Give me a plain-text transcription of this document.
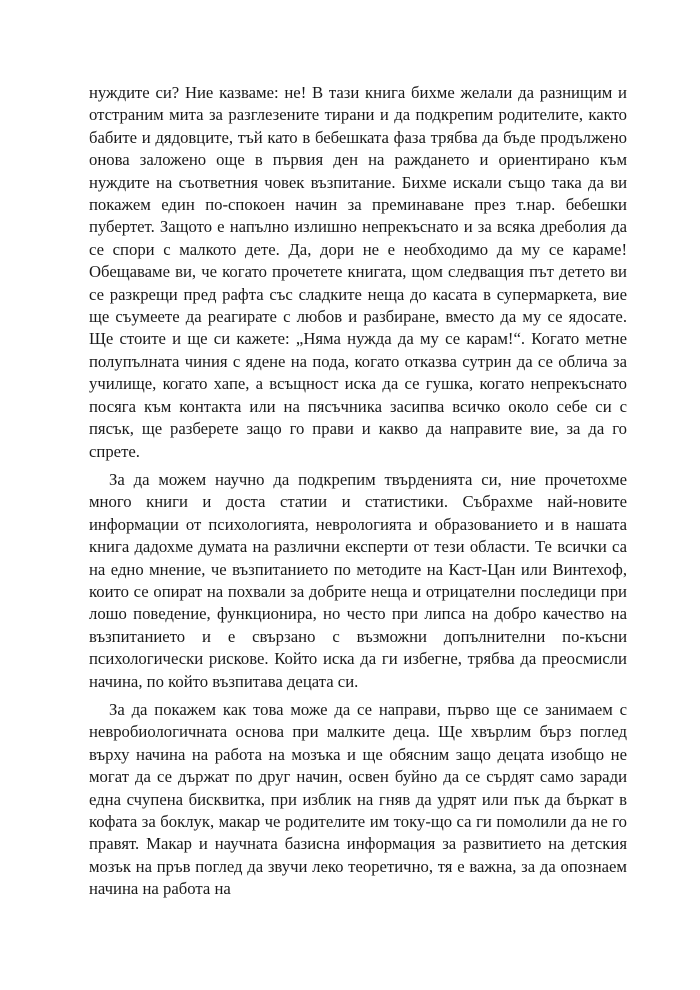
нуждите си? Ние казваме: не! В тази книга бихме желали да разнищим и отстраним мита за разглезените тирани и да подкрепим родителите, както бабите и дядовците, тъй като в бебешката фаза трябва да бъде продължено онова заложено още в първия ден на раждането и ориентирано към нуждите на съответния човек възпитание. Бихме искали също така да ви покажем един по-спокоен начин за преминаване през т.нар. бебешки пубертет. Защото е напълно излишно непрекъснато и за всяка дреболия да се спори с малкото дете. Да, дори не е необходимо да му се караме! Обещаваме ви, че когато прочетете книгата, щом следващия път детето ви се разкрещи пред рафта със сладките неща до касата в супермаркета, вие ще съумеете да реагирате с любов и разбиране, вместо да му се ядосате. Ще стоите и ще си кажете: „Няма нужда да му се карам!“. Когато метне полупълната чиния с ядене на пода, когато отказва сутрин да се облича за училище, когато хапе, а всъщност иска да се гушка, когато непрекъснато посяга към контакта или на пясъчника засипва всичко около себе си с пясък, ще разберете защо го прави и какво да направите вие, за да го спрете.

За да можем научно да подкрепим твърденията си, ние прочетохме много книги и доста статии и статистики. Събрахме най-новите информации от психологията, неврологията и образованието и в нашата книга дадохме думата на различни експерти от тези области. Те всички са на едно мнение, че възпитанието по методите на Каст-Цан или Винтехоф, които се опират на похвали за добрите неща и отрицателни последици при лошо поведение, функционира, но често при липса на добро качество на възпитанието и е свързано с възможни допълнителни по-късни психологически рискове. Който иска да ги избегне, трябва да преосмисли начина, по който възпитава децата си.

За да покажем как това може да се направи, първо ще се занимаем с невробиологичната основа при малките деца. Ще хвърлим бърз поглед върху начина на работа на мозъка и ще обясним защо децата изобщо не могат да се държат по друг начин, освен буйно да се сърдят само заради една счупена бисквитка, при изблик на гняв да удрят или пък да бъркат в кофата за боклук, макар че родителите им току-що са ги помолили да не го правят. Макар и научната базисна информация за развитието на детския мозък на пръв поглед да звучи леко теоретично, тя е важна, за да опознаем начина на работа на
